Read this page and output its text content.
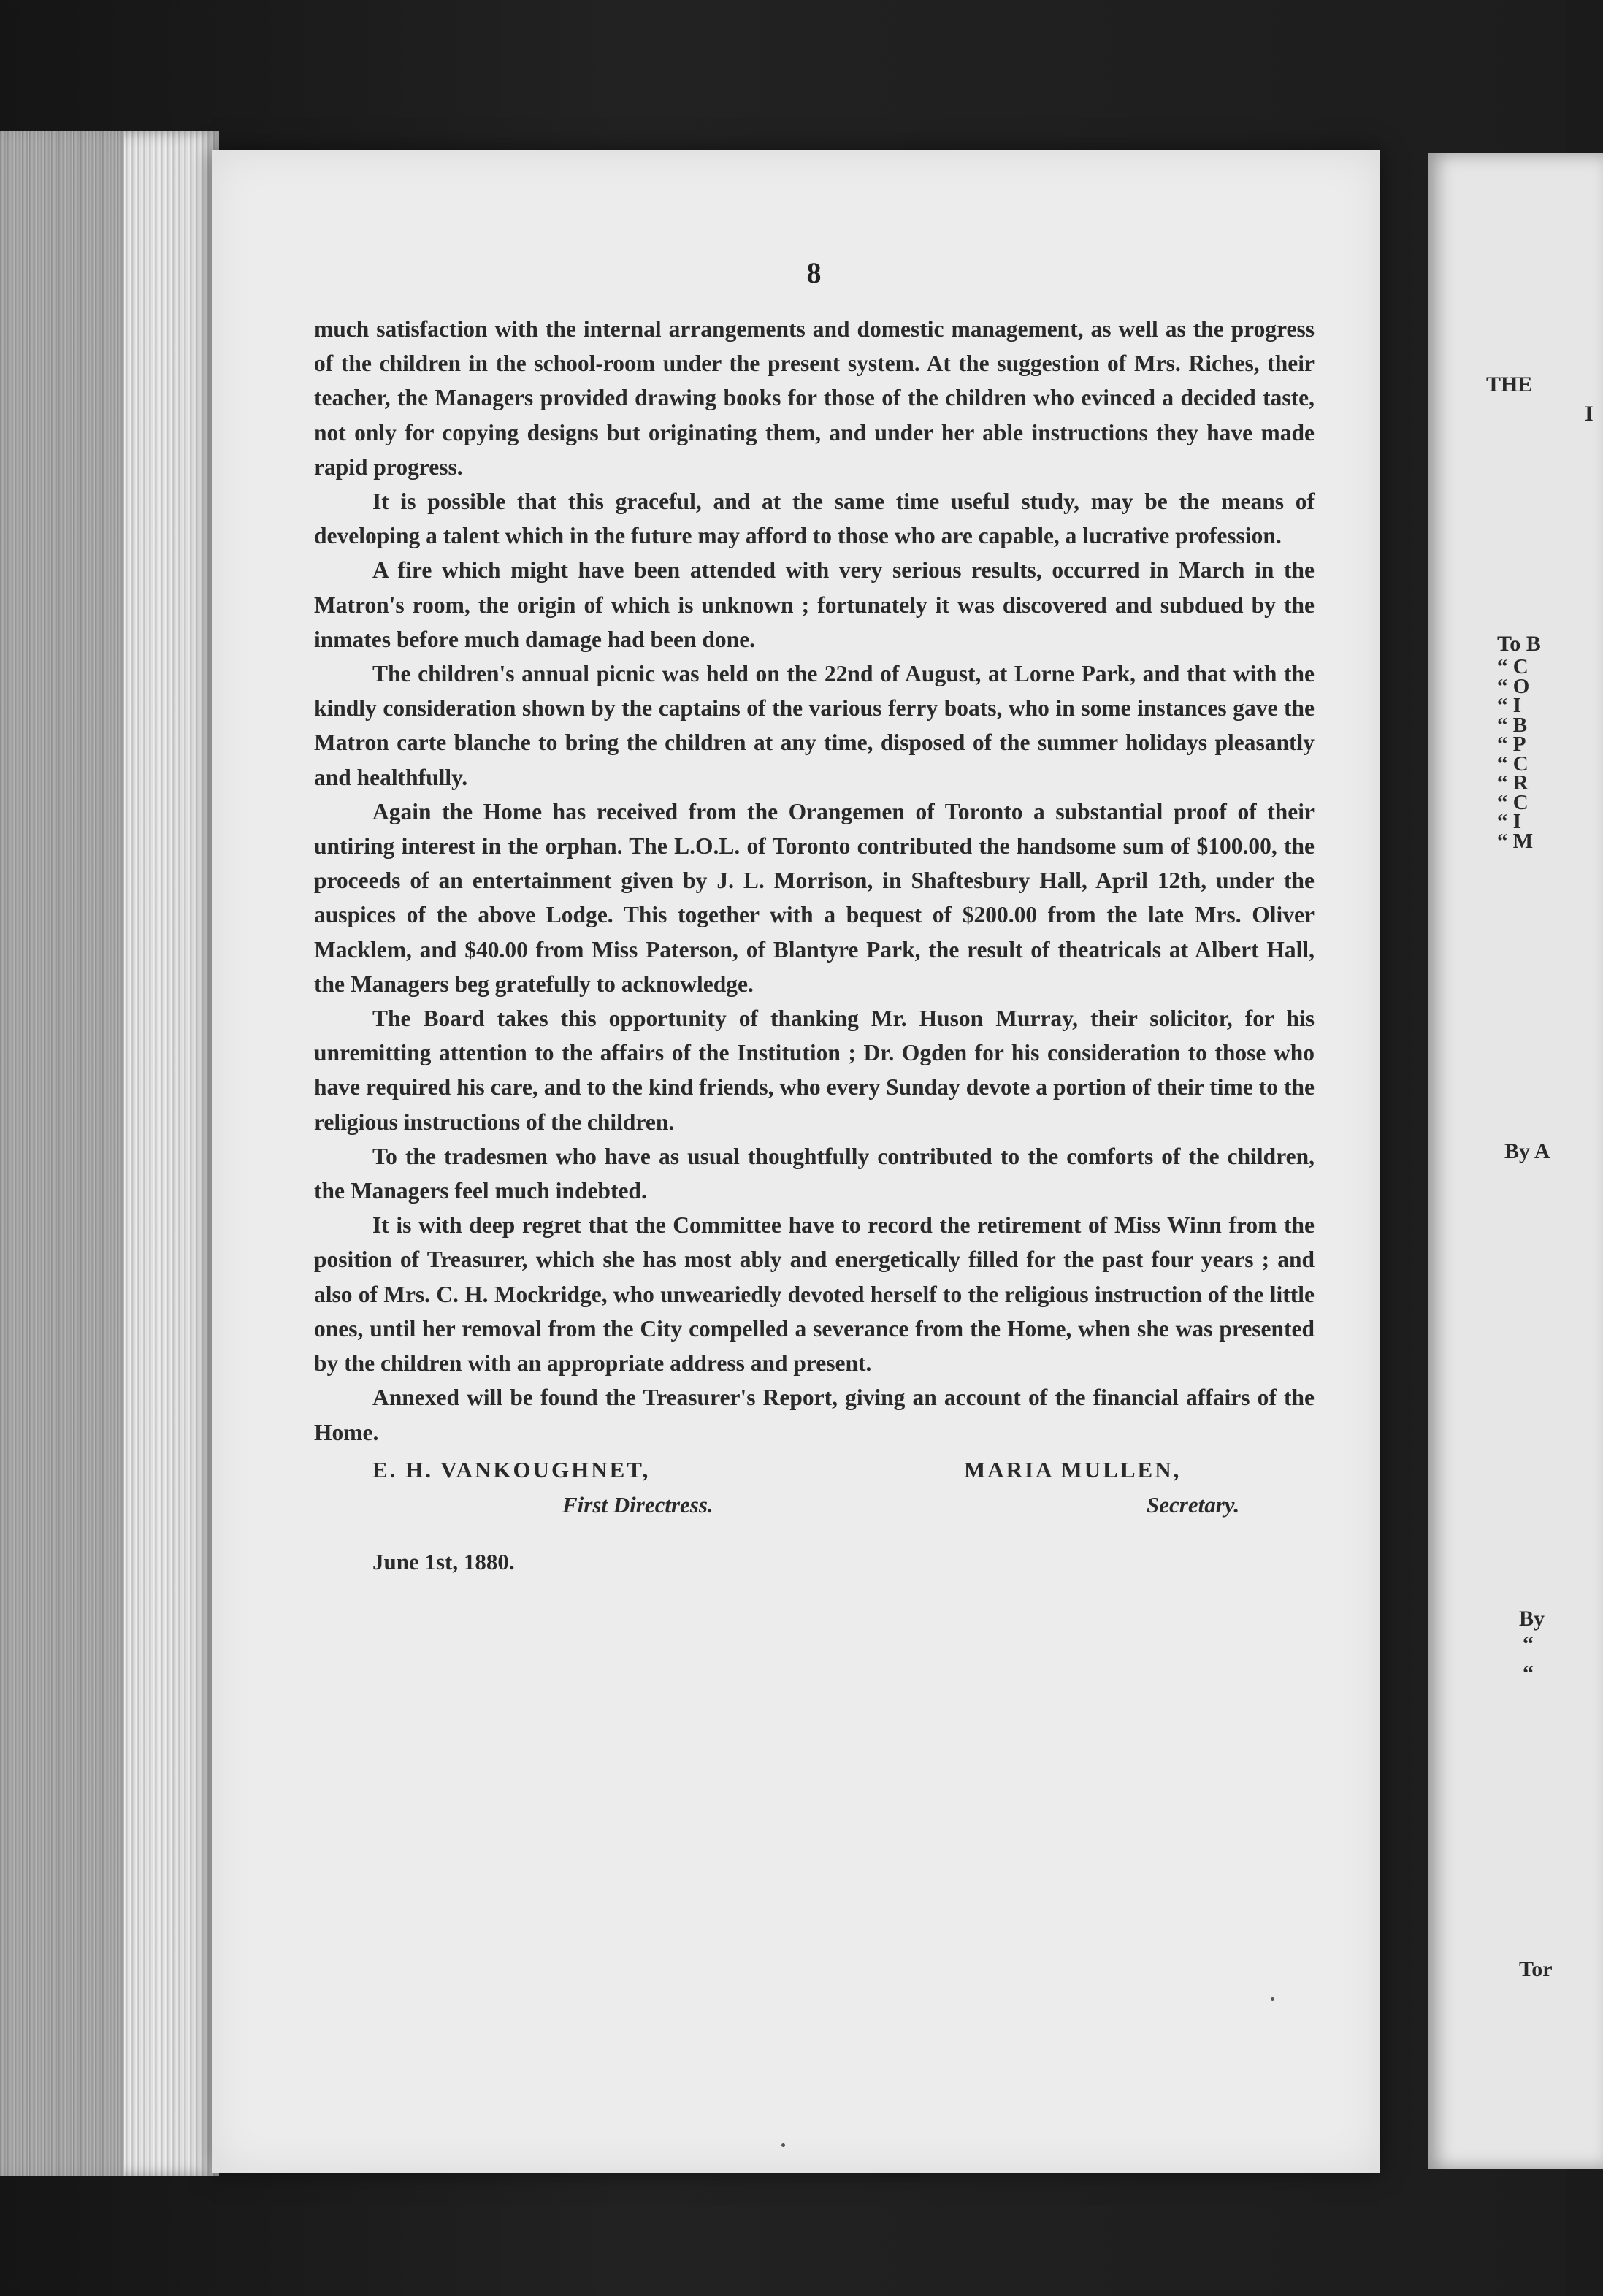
8

much satisfaction with the internal arrangements and domestic management, as well as the progress of the children in the school-room under the present system. At the suggestion of Mrs. Riches, their teacher, the Managers provided drawing books for those of the children who evinced a decided taste, not only for copying designs but originating them, and under her able instructions they have made rapid progress.

It is possible that this graceful, and at the same time useful study, may be the means of developing a talent which in the future may afford to those who are capable, a lucrative profession.

A fire which might have been attended with very serious results, occurred in March in the Matron's room, the origin of which is unknown ; fortunately it was discovered and subdued by the inmates before much damage had been done.

The children's annual picnic was held on the 22nd of August, at Lorne Park, and that with the kindly consideration shown by the captains of the various ferry boats, who in some instances gave the Matron carte blanche to bring the children at any time, disposed of the summer holidays pleasantly and healthfully.

Again the Home has received from the Orangemen of Toronto a substantial proof of their untiring interest in the orphan. The L.O.L. of Toronto contributed the handsome sum of $100.00, the proceeds of an entertainment given by J. L. Morrison, in Shaftesbury Hall, April 12th, under the auspices of the above Lodge. This together with a bequest of $200.00 from the late Mrs. Oliver Macklem, and $40.00 from Miss Paterson, of Blantyre Park, the result of theatricals at Albert Hall, the Managers beg gratefully to acknowledge.

The Board takes this opportunity of thanking Mr. Huson Murray, their solicitor, for his unremitting attention to the affairs of the Institution ; Dr. Ogden for his consideration to those who have required his care, and to the kind friends, who every Sunday devote a portion of their time to the religious instructions of the children.

To the tradesmen who have as usual thoughtfully contributed to the comforts of the children, the Managers feel much indebted.

It is with deep regret that the Committee have to record the retirement of Miss Winn from the position of Treasurer, which she has most ably and energetically filled for the past four years ; and also of Mrs. C. H. Mockridge, who unweariedly devoted herself to the religious instruction of the little ones, until her removal from the City compelled a severance from the Home, when she was presented by the children with an appropriate address and present.

Annexed will be found the Treasurer's Report, giving an account of the financial affairs of the Home.

E. H. VANKOUGHNET,	MARIA MULLEN,
First Directress.	Secretary.
June 1st, 1880.
THE
I
To B
“ C
“ O
“ I
“ B
“ P
“ C
“ R
“ C
“ I
“ M
By A
By
“
“
Tor
